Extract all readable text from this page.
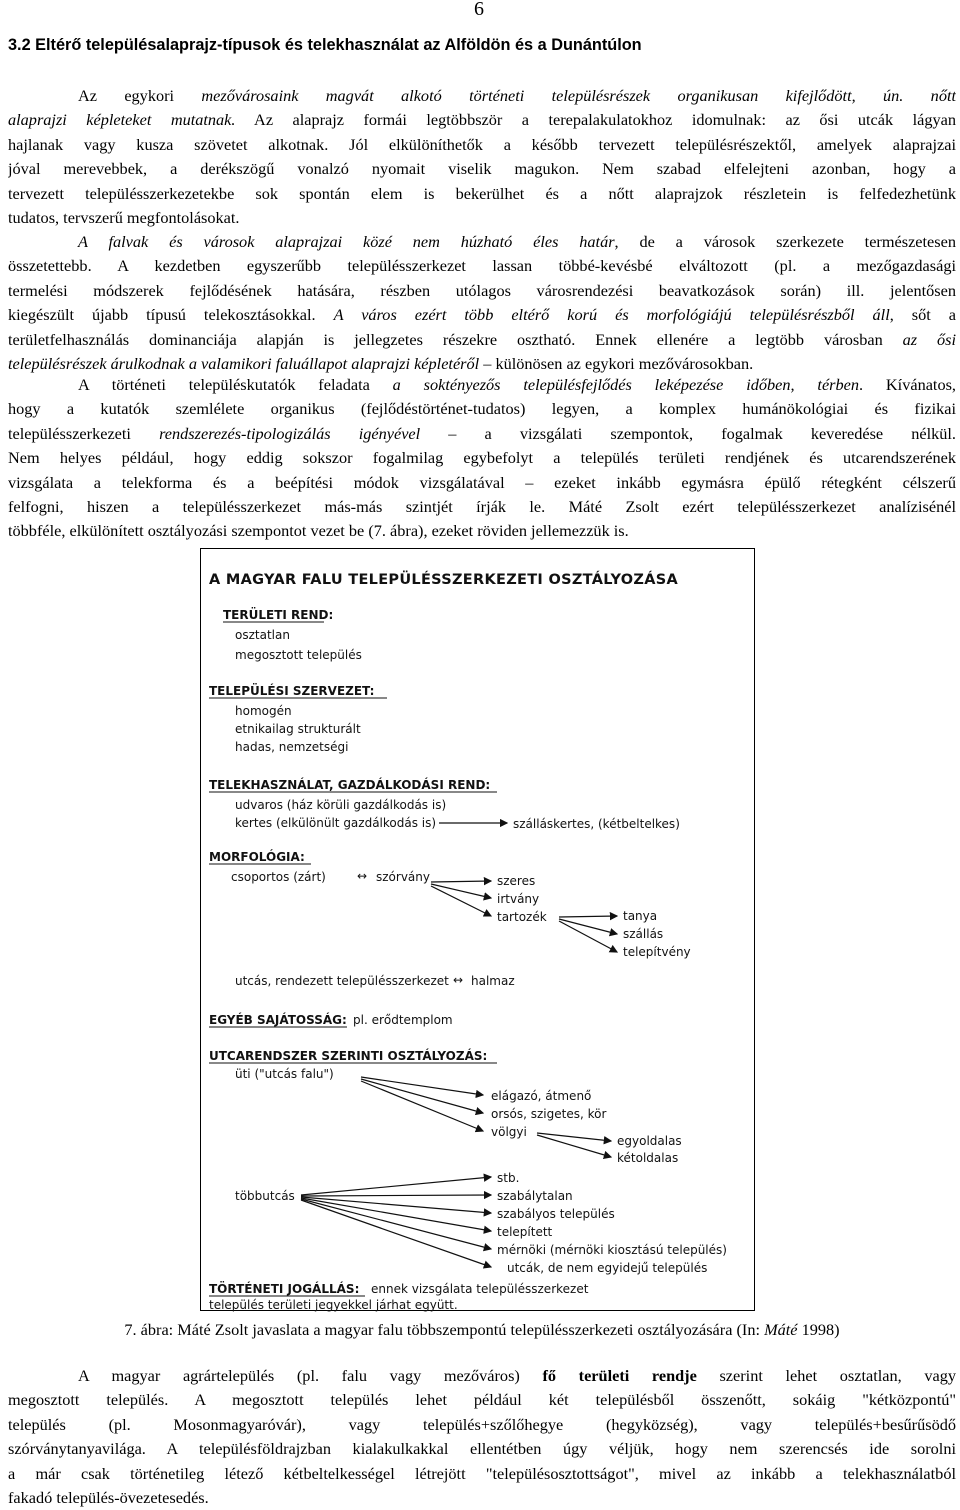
6
3.2 Eltérő településalaprajz-típusok és telekhasználat az Alföldön és a Dunántúlon
Az egykori mezővárosaink magvát alkotó történeti településrészek organikusan kifejlődött, ún. nőtt
alaprajzi képleteket mutatnak. Az alaprajz formái legtöbbször a terepalakulatokhoz idomulnak: az ősi utcák lágyan
hajlanak vagy kusza szövetet alkotnak. Jól elkülöníthetők a később tervezett településrészektől, amelyek alaprajzai
jóval merevebbek, a derékszögű vonalzó nyomait viselik magukon. Nem szabad elfelejteni azonban, hogy a
tervezett településszerkezetekbe sok spontán elem is bekerülhet és a nőtt alaprajzok részletein is felfedezhetünk
tudatos, tervszerű megfontolásokat.
A falvak és városok alaprajzai közé nem húzható éles határ, de a városok szerkezete természetesen
összetettebb. A kezdetben egyszerűbb településszerkezet lassan többé-kevésbé elváltozott (pl. a mezőgazdasági
termelési módszerek fejlődésének hatására, részben utólagos városrendezési beavatkozások során) ill. jelentősen
kiegészült újabb típusú telekosztásokkal. A város ezért több eltérő korú és morfológiájú településrészből áll, sőt a
területfelhasználás dominanciája alapján is jellegzetes részekre osztható. Ennek ellenére a legtöbb városban az ősi
településrészek árulkodnak a valamikori faluállapot alaprajzi képletéről – különösen az egykori mezővárosokban.
A történeti településkutatók feladata a soktényezős településfejlődés leképezése időben, térben. Kívánatos,
hogy a kutatók szemlélete organikus (fejlődéstörténet-tudatos) legyen, a komplex humánökológiai és fizikai
településszerkezeti rendszerezés-tipologizálás igényével – a vizsgálati szempontok, fogalmak keveredése nélkül.
Nem helyes például, hogy eddig sokszor fogalmilag egybefolyt a település területi rendjének és utcarendszerének
vizsgálata a telekforma és a beépítési módok vizsgálatával – ezeket inkább egymásra épülő rétegként célszerű
felfogni, hiszen a településszerkezet más-más szintjét írják le. Máté Zsolt ezért településszerkezet analízisénél
többféle, elkülönített osztályozási szempontot vezet be (7. ábra), ezeket röviden jellemezzük is.
A MAGYAR FALU TELEPÜLÉSSZERKEZETI OSZTÁLYOZÁSA
TERÜLETI REND:
osztatlan
megosztott település
TELEPÜLÉSI SZERVEZET:
homogén
etnikailag strukturált
hadas, nemzetségi
TELEKHASZNÁLAT, GAZDÁLKODÁSI REND:
udvaros (ház körüli gazdálkodás is)
kertes (elkülönült gazdálkodás is)	szálláskertes, (kétbeltelkes)
MORFOLÓGIA:
csoportos (zárt)	↔ szórvány	szeres
irtvány
tartozék	tanya
szállás
telepítvény
utcás, rendezett településszerkezet ↔ halmaz
EGYÉB SAJÁTOSSÁG: pl. erődtemplom
UTCARENDSZER SZERINTI OSZTÁLYOZÁS:
üti ("utcás falu")
elágazó, átmenő
orsós, szigetes, kör
völgyi
egyoldalas
kétoldalas
többutcás
stb.
szabálytalan
szabályos település
telepített
mérnöki (mérnöki kiosztású település)
utcák, de nem egyidejű település
TÖRTÉNETI JOGÁLLÁS: ennek vizsgálata településszerkezet
település területi jegyekkel járhat együtt.
7. ábra: Máté Zsolt javaslata a magyar falu többszempontú településszerkezeti osztályozására (In: Máté 1998)
A magyar agrártelepülés (pl. falu vagy mezőváros) fő területi rendje szerint lehet osztatlan, vagy
megosztott település. A megosztott település lehet például két településből összenőtt, sokáig "kétközpontú"
település (pl. Mosonmagyaróvár), vagy település+szőlőhegye (hegyközség), vagy település+besűrűsödő
szórványtanyavilága. A településföldrajzban kialakulkakkal ellentétben úgy véljük, hogy nem szerencsés ide sorolni
a már csak történetileg létező kétbeltelkességel létrejött "településosztottságot", mivel az inkább a telekhasználatból
fakadó település-övezetesedés.
